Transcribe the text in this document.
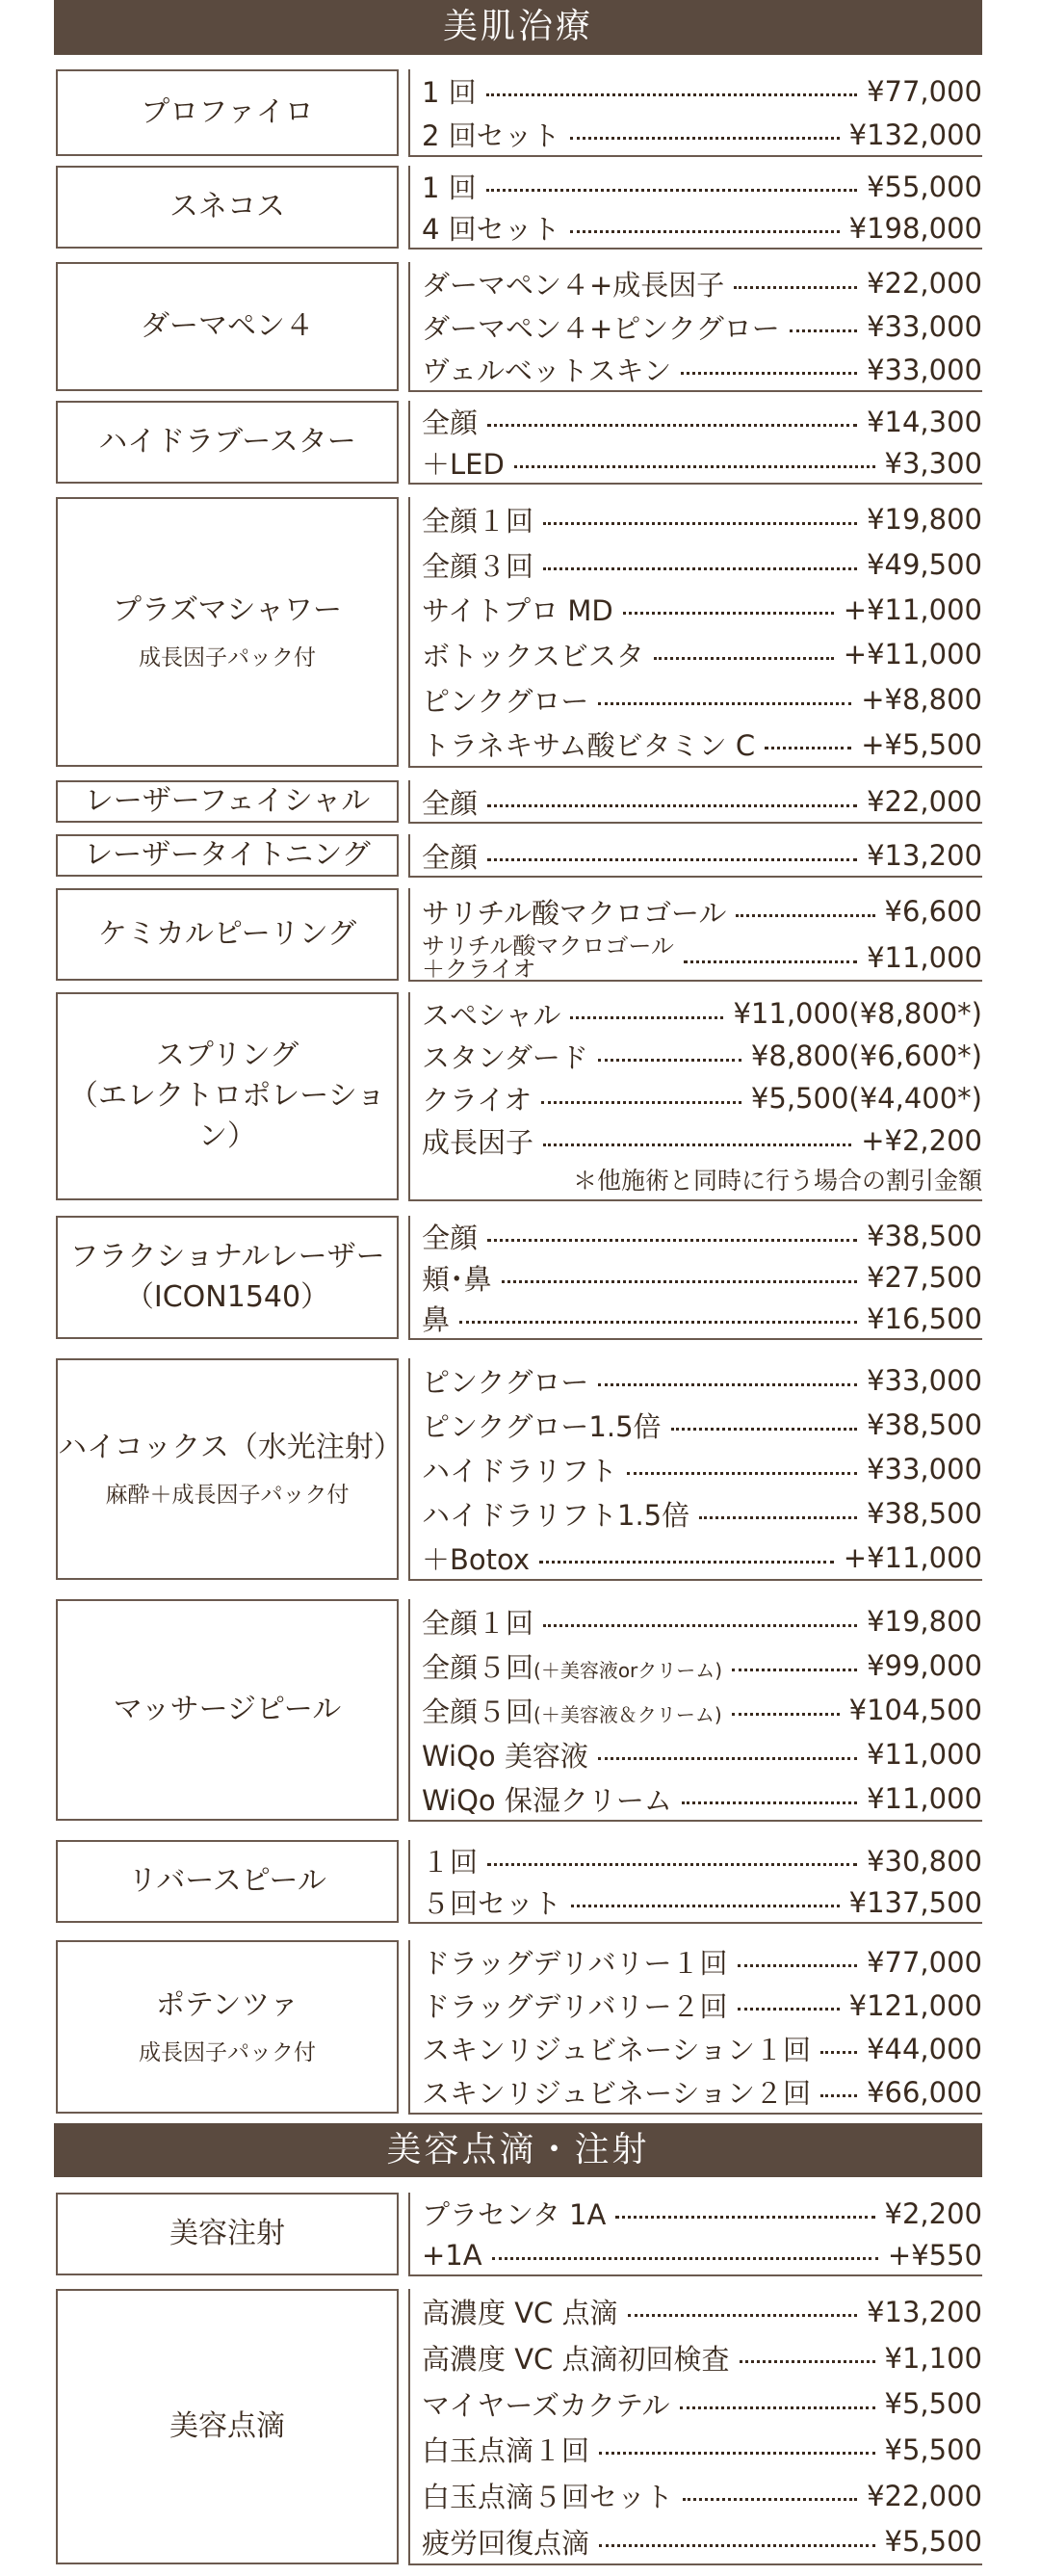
美肌治療
プロファイロ
1 回	¥77,000
2 回セット	¥132,000
スネコス
1 回	¥55,000
4 回セット	¥198,000
ダーマペン４
ダーマペン４+成長因子	¥22,000
ダーマペン４+ピンクグロー	¥33,000
ヴェルベットスキン	¥33,000
ハイドラブースター
全顔	¥14,300
＋LED	¥3,300
プラズマシャワー
成長因子パック付
全顔１回	¥19,800
全顔３回	¥49,500
サイトプロ MD	+¥11,000
ボトックスビスタ	+¥11,000
ピンクグロー	+¥8,800
トラネキサム酸ビタミン C	+¥5,500
レーザーフェイシャル 全顔	¥22,000
レーザータイトニング 全顔	¥13,200
ケミカルピーリング
サリチル酸マクロゴール	¥6,600
サリチル酸マクロゴール
＋クライオ	¥11,000
スプリング
（エレクトロポレーション）
スペシャル	¥11,000(¥8,800*)
スタンダード	¥8,800(¥6,600*)
クライオ	¥5,500(¥4,400*)
成長因子	+¥2,200
＊他施術と同時に行う場合の割引金額
フラクショナルレーザー
（ICON1540）
全顔	¥38,500
頬･鼻	¥27,500
鼻	¥16,500
ハイコックス（水光注射）
麻酔＋成長因子パック付
ピンクグロー	¥33,000
ピンクグロー1.5倍	¥38,500
ハイドラリフト	¥33,000
ハイドラリフト1.5倍	¥38,500
＋Botox	+¥11,000
マッサージピール
全顔１回	¥19,800
全顔５回(＋美容液orクリーム)	¥99,000
全顔５回(＋美容液＆クリーム)	¥104,500
WiQo 美容液	¥11,000
WiQo 保湿クリーム	¥11,000
リバースピール
１回	¥30,800
５回セット	¥137,500
ポテンツァ
成長因子パック付
ドラッグデリバリー１回	¥77,000
ドラッグデリバリー２回	¥121,000
スキンリジュビネーション１回 ¥44,000
スキンリジュビネーション２回 ¥66,000
美容点滴・注射
美容注射
プラセンタ 1A	¥2,200
+1A	+¥550
美容点滴
高濃度 VC 点滴	¥13,200
高濃度 VC 点滴初回検査	¥1,100
マイヤーズカクテル	¥5,500
白玉点滴１回	¥5,500
白玉点滴５回セット	¥22,000
疲労回復点滴	¥5,500
